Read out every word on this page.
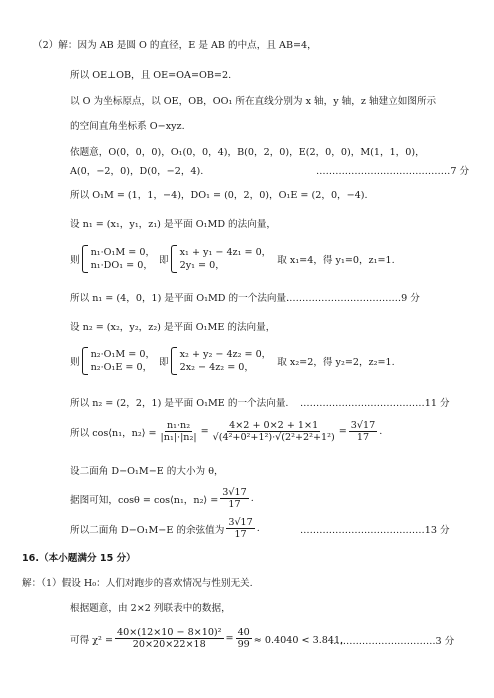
（2）解：因为 AB 是圆 O 的直径，E 是 AB 的中点，且 AB=4，
所以 OE⊥OB，且 OE=OA=OB=2.
以 O 为坐标原点，以 OE，OB，OO₁ 所在直线分别为 x 轴，y 轴，z 轴建立如图所示
的空间直角坐标系 O−xyz.
依题意，O(0，0，0)，O₁(0，0，4)，B(0，2，0)，E(2，0，0)，M(1，1，0)，
A(0，−2，0)，D(0，−2，4).	……………………………………7 分
所以 O₁M = (1，1，−4)，DO₁ = (0，2，0)，O₁E = (2，0，−4).
设 n₁ = (x₁，y₁，z₁) 是平面 O₁MD 的法向量，
则
n₁·O₁M = 0，
n₁·DO₁ = 0， 即
x₁ + y₁ − 4z₁ = 0，
2y₁ = 0，	取 x₁=4，得 y₁=0，z₁=1.
所以 n₁ = (4，0，1) 是平面 O₁MD 的一个法向量.
………………………………9 分
设 n₂ = (x₂，y₂，z₂) 是平面 O₁ME 的法向量，
则
n₂·O₁M = 0，
n₂·O₁E = 0， 即
x₂ + y₂ − 4z₂ = 0，
2x₂ − 4z₂ = 0，	取 x₂=2，得 y₂=2，z₂=1.
所以 n₂ = (2，2，1) 是平面 O₁ME 的一个法向量. …………………………………11 分
所以 cos⟨n₁，n₂⟩ = $\frac{\text{n₁·n₂}}{\text{|n₁|·|n₂|}} = \frac{4\times 2 + 0\times 2 + 1\times 1}{\text{√(4²+0²+1²)·√(2²+2²+1²)}} = \frac{3√17}{17}$ .
设二面角 D−O₁M−E 的大小为 θ，
据图可知，cosθ = cos⟨n₁，n₂⟩ = $\frac{3√17}{17}$ .
所以二面角 D−O₁M−E 的余弦值为 $\frac{3√17}{17}$ .	…………………………………13 分
16.（本小题满分 15 分）
解：（1）假设 H₀：人们对跑步的喜欢情况与性别无关.
根据题意，由 2×2 列联表中的数据，
可得 $\chi^2 = \frac{\text{40×(12×10 − 8×10)²}}{20\times 20\times 22\times 18} = \frac{40}{99} \approx 0.4040 < 3.841$，
……………………………3 分
